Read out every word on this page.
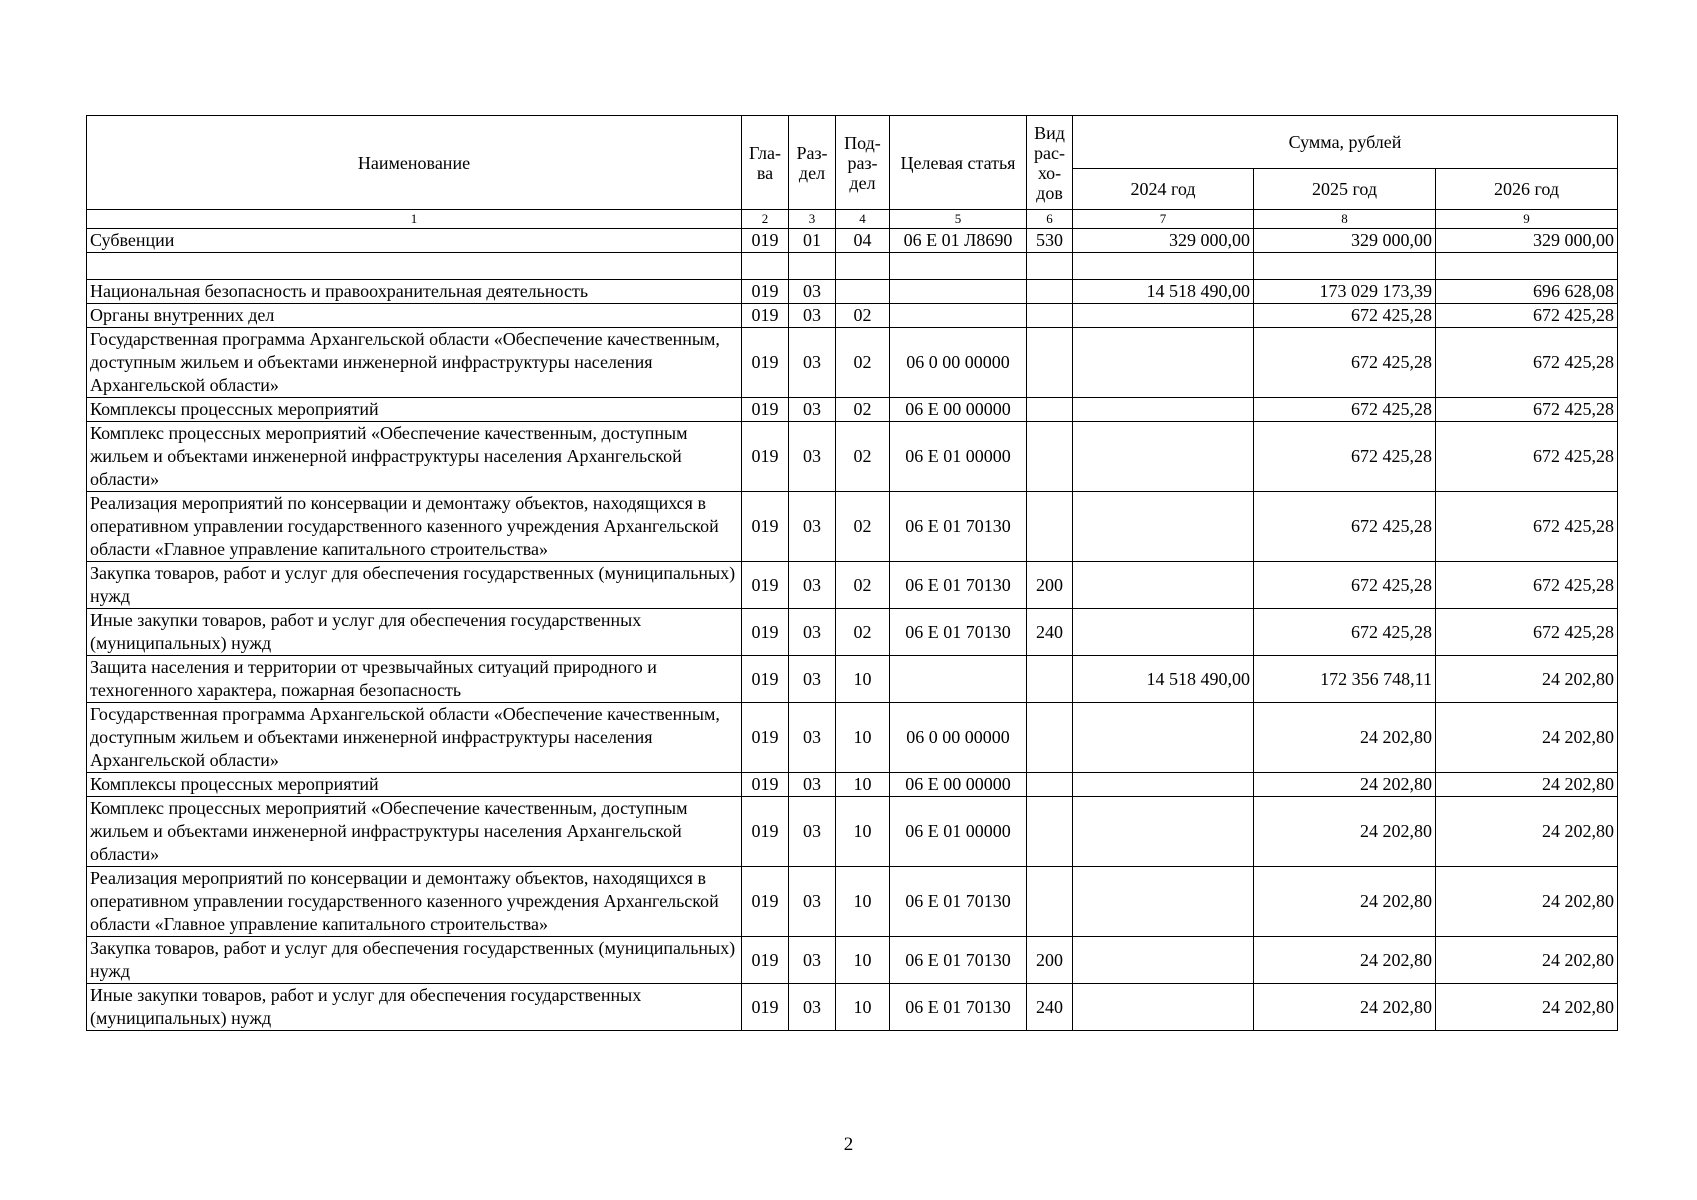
Наименование	Гла-ва	Раз-дел	Под-раз-дел	Целевая статья	Вид рас-хо-дов	Сумма, рублей		
						2024 год	2025 год	2026 год
1	2	3	4	5	6	7	8	9
Субвенции	019	01	04	06 Е 01 Л8690	530	329 000,00	329 000,00	329 000,00

Национальная безопасность и правоохранительная деятельность	019	03				14 518 490,00	173 029 173,39	696 628,08
Органы внутренних дел	019	03	02				672 425,28	672 425,28
Государственная программа Архангельской области «Обеспечение качественным, доступным жильем и объектами инженерной инфраструктуры населения Архангельской области»	019	03	02	06 0 00 00000			672 425,28	672 425,28
Комплексы процессных мероприятий	019	03	02	06 Е 00 00000			672 425,28	672 425,28
Комплекс процессных мероприятий «Обеспечение качественным, доступным жильем и объектами инженерной инфраструктуры населения Архангельской области»	019	03	02	06 Е 01 00000			672 425,28	672 425,28
Реализация мероприятий по консервации и демонтажу объектов, находящихся в оперативном управлении государственного казенного учреждения Архангельской области «Главное управление капитального строительства»	019	03	02	06 Е 01 70130			672 425,28	672 425,28
Закупка товаров, работ и услуг для обеспечения государственных (муниципальных) нужд	019	03	02	06 Е 01 70130	200		672 425,28	672 425,28
Иные закупки товаров, работ и услуг для обеспечения государственных (муниципальных) нужд	019	03	02	06 Е 01 70130	240		672 425,28	672 425,28
Защита населения и территории от чрезвычайных ситуаций природного и техногенного характера, пожарная безопасность	019	03	10			14 518 490,00	172 356 748,11	24 202,80
Государственная программа Архангельской области «Обеспечение качественным, доступным жильем и объектами инженерной инфраструктуры населения Архангельской области»	019	03	10	06 0 00 00000			24 202,80	24 202,80
Комплексы процессных мероприятий	019	03	10	06 Е 00 00000			24 202,80	24 202,80
Комплекс процессных мероприятий «Обеспечение качественным, доступным жильем и объектами инженерной инфраструктуры населения Архангельской области»	019	03	10	06 Е 01 00000			24 202,80	24 202,80
Реализация мероприятий по консервации и демонтажу объектов, находящихся в оперативном управлении государственного казенного учреждения Архангельской области «Главное управление капитального строительства»	019	03	10	06 Е 01 70130			24 202,80	24 202,80
Закупка товаров, работ и услуг для обеспечения государственных (муниципальных) нужд	019	03	10	06 Е 01 70130	200		24 202,80	24 202,80
Иные закупки товаров, работ и услуг для обеспечения государственных (муниципальных) нужд	019	03	10	06 Е 01 70130	240		24 202,80	24 202,80
2
